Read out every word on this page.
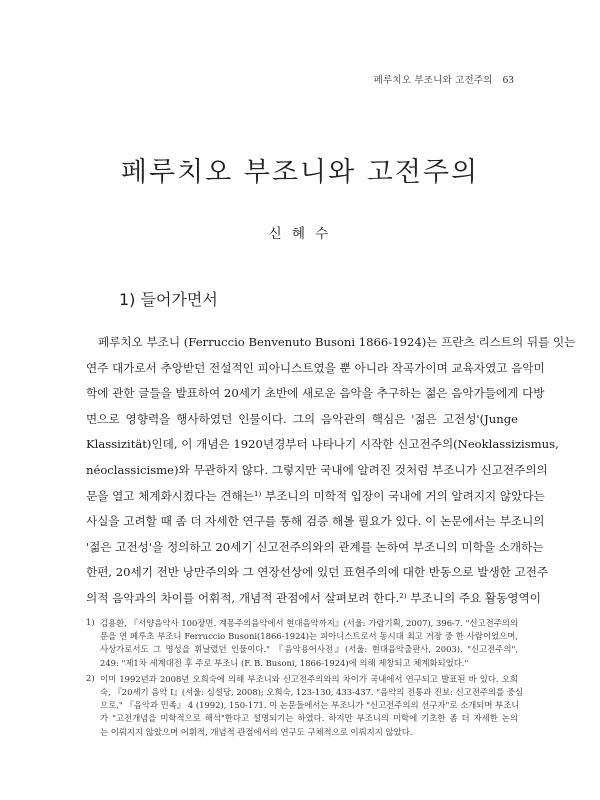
페루치오 부조니와 고전주의 63
페루치오 부조니와 고전주의
신 혜 수
1) 들어가면서
페루치오 부조니 (Ferruccio Benvenuto Busoni 1866-1924)는 프란츠 리스트의 뒤를 잇는
연주 대가로서 추앙받던 전설적인 피아니스트였을 뿐 아니라 작곡가이며 교육자였고 음악미
학에 관한 글들을 발표하여 20세기 초반에 새로운 음악을 추구하는 젊은 음악가들에게 다방
면으로 영향력을 행사하였던 인물이다. 그의 음악관의 핵심은 '젊은 고전성'(Junge
Klassizität)인데, 이 개념은 1920년경부터 나타나기 시작한 신고전주의(Neoklassizismus,
néoclassicisme)와 무관하지 않다. 그렇지만 국내에 알려진 것처럼 부조니가 신고전주의의
문을 열고 체계화시켰다는 견해는¹⁾ 부조니의 미학적 입장이 국내에 거의 알려지지 않았다는
사실을 고려할 때 좀 더 자세한 연구를 통해 검증 해볼 필요가 있다. 이 논문에서는 부조니의
'젊은 고전성'을 정의하고 20세기 신고전주의와의 관계를 논하여 부조니의 미학을 소개하는
한편, 20세기 전반 낭만주의와 그 연장선상에 있던 표현주의에 대한 반동으로 발생한 고전주
의적 음악과의 차이를 어휘적, 개념적 관점에서 살펴보려 한다.²⁾ 부조니의 주요 활동영역이
1) 김용환, 『서양음악사 100장면. 계몽주의음악에서 현대음악까지』(서울: 가람기획, 2007), 396-7. "신고전주의의
문을 연 페루초 부조니 Ferruccio Busoni(1866-1924)는 피아니스트로서 동시대 최고 거장 중 한 사람이었으며,
사상가로서도 그 명성을 휘날렸던 인물이다." 『음악용어사전』(서울: 현대음악출판사, 2003). "신고전주의",
249: "제1차 세계대전 후 주로 부조니 (F. B. Busoni, 1866-1924)에 의해 제창되고 체계화되었다."
2) 이미 1992년과 2008년 오희숙에 의해 부조니와 신고전주의와의 차이가 국내에서 연구되고 발표된 바 있다. 오희
숙, 『20세기 음악 I』(서울: 심설당, 2008); 오희숙, 123-130, 433-437. "음악의 전통과 진보: 신고전주의를 중심
으로," 『음악과 민족』 4 (1992), 150-171. 이 논문들에서는 부조니가 "신고전주의의 선구자"로 소개되며 부조니
가 "고전개념을 미학적으로 해석"한다고 설명되기는 하였다. 하지만 부조니의 미학에 기초한 좀 더 자세한 논의
는 이뤄지지 않았으며 어휘적, 개념적 관점에서의 연구도 구체적으로 이뤄지지 않았다.
